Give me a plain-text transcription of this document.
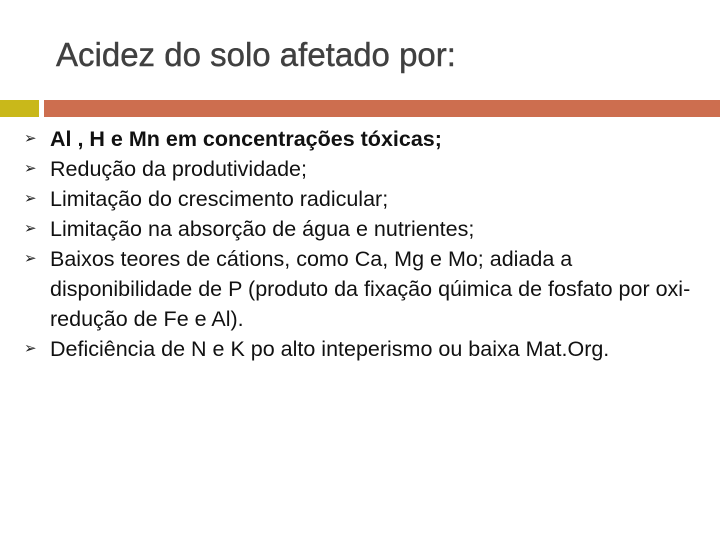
Acidez do solo afetado por:
➢ Al , H e Mn em concentrações tóxicas;
➢ Redução da produtividade;
➢ Limitação do crescimento radicular;
➢ Limitação na absorção de água e nutrientes;
➢ Baixos teores de cátions, como Ca, Mg e Mo; adiada a disponibilidade de P (produto da fixação qúimica de fosfato por oxi-redução de Fe e Al).
➢ Deficiência de N e K po alto inteperismo ou baixa Mat.Org.
